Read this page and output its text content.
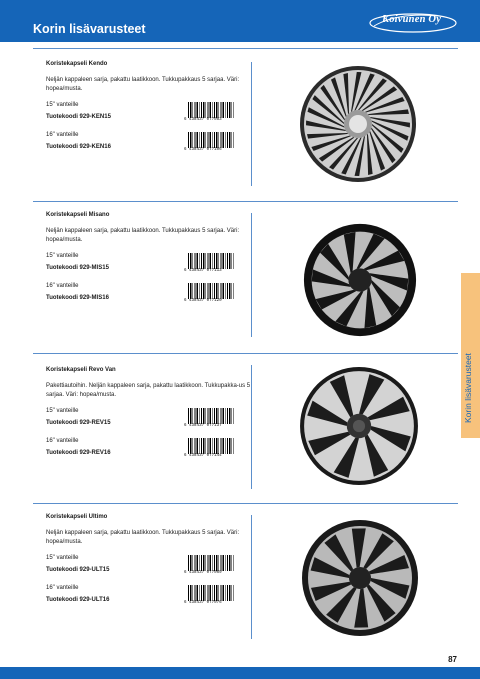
Korin lisävarusteet
Koivunen Oy
Korin lisävarusteet

Koristekapseli Kendo

Neljän kappaleen sarja, pakattu laatikkoon. Tukkupakkaus 5 sarjaa. Väri: hopea/musta.

15" vanteille
Tuotekoodi 929-KEN15	6 438437 077083
16" vanteille
Tuotekoodi 929-KEN16	6 438437 077106

Koristekapseli Misano

Neljän kappaleen sarja, pakattu laatikkoon. Tukkupakkaus 5 sarjaa. Väri: hopea/musta.

15" vanteille
Tuotekoodi 929-MIS15	6 438437 077113
16" vanteille
Tuotekoodi 929-MIS16	6 438437 077120

Koristekapseli Revo Van

Pakettiautoihin. Neljän kappaleen sarja, pakattu laatikkoon. Tukkupakka-us 5 sarjaa. Väri: hopea/musta.

15" vanteille
Tuotekoodi 929-REV15	6 438437 077137
16" vanteille
Tuotekoodi 929-REV16	6 438437 077144

Koristekapseli Ultimo

Neljän kappaleen sarja, pakattu laatikkoon. Tukkupakkaus 5 sarjaa. Väri: hopea/musta.

15" vanteille
Tuotekoodi 929-ULT15	6 438437 077069
16" vanteille
Tuotekoodi 929-ULT16	6 438437 077076
87
